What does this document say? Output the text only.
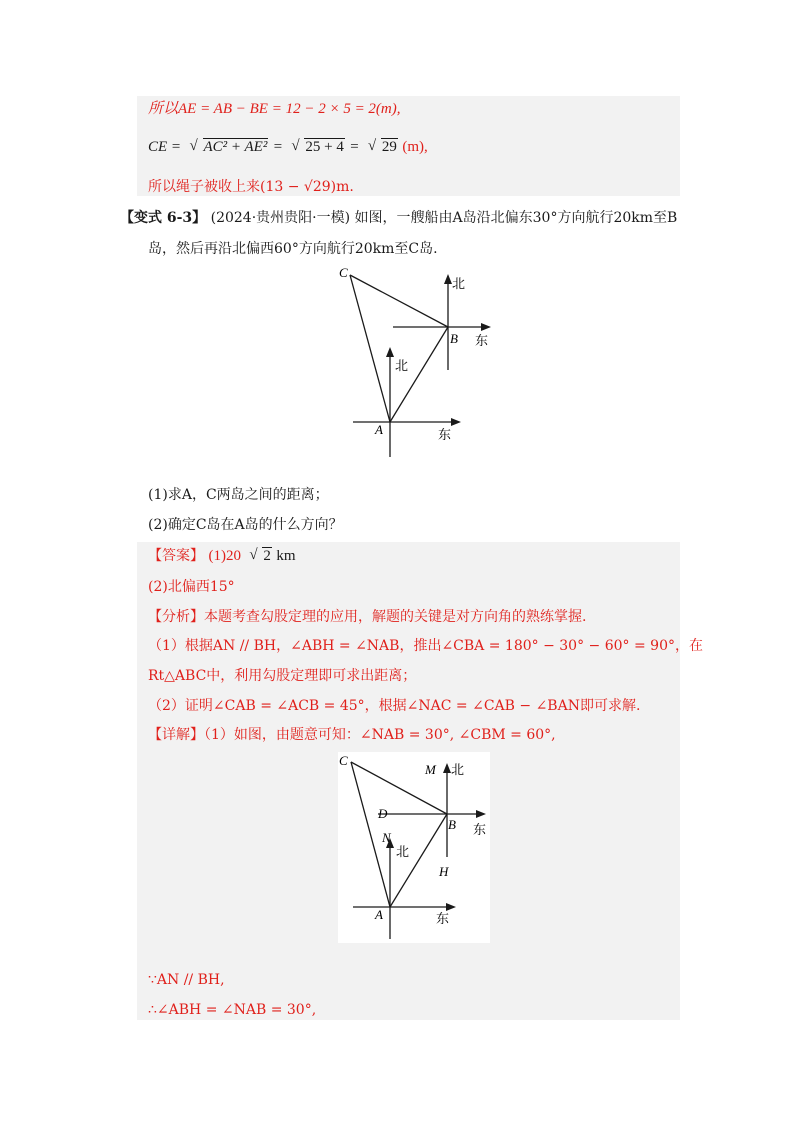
所以AE = AB − BE = 12 − 2 × 5 = 2(m),
CE = √ AC² + AE² = √ 25 + 4 = √ 29 (m),
所以绳子被收上来(13 − √29)m.
【变式 6-3】 (2024·贵州贵阳·一模) 如图，一艘船由A岛沿北偏东30°方向航行20km至B
岛，然后再沿北偏西60°方向航行20km至C岛.
C
B
A
北
东
北
东
(1)求A，C两岛之间的距离；
(2)确定C岛在A岛的什么方向？
【答案】 (1)20 √ 2 km
(2)北偏西15°
【分析】本题考查勾股定理的应用，解题的关键是对方向角的熟练掌握.
（1）根据AN // BH，∠ABH = ∠NAB，推出∠CBA = 180° − 30° − 60° = 90°，在
Rt△ABC中，利用勾股定理即可求出距离；
（2）证明∠CAB = ∠ACB = 45°，根据∠NAC = ∠CAB − ∠BAN即可求解.
【详解】（1）如图，由题意可知：∠NAB = 30°, ∠CBM = 60°,
C
M 北
D
B 东
N
北
H
A	东
∵AN // BH,
∴∠ABH = ∠NAB = 30°,
